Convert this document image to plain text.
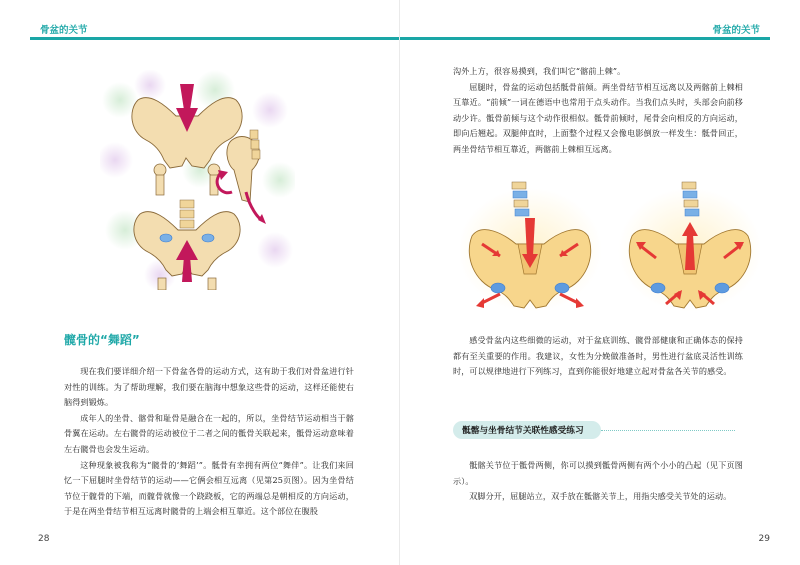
骨盆的关节
髋骨的“舞蹈”

现在我们要详细介绍一下骨盆各骨的运动方式，这有助于我们对骨盆进行针对性的训练。为了帮助理解，我们要在脑海中想象这些骨的运动，这样还能使右脑得到锻炼。

成年人的坐骨、髂骨和耻骨是融合在一起的，所以，坐骨结节运动相当于髂骨翼在运动。左右髋骨的运动被位于二者之间的骶骨关联起来，骶骨运动意味着左右髋骨也会发生运动。

这种现象被我称为“髋骨的‘舞蹈’”。骶骨有幸拥有两位“舞伴”。让我们来回忆一下屈腿时坐骨结节的运动——它俩会相互远离（见第25页图）。因为坐骨结节位于髋骨的下端，而髋骨就像一个跷跷板，它的两端总是朝相反的方向运动，于是在两坐骨结节相互远离时髋骨的上端会相互靠近。这个部位在腹股

28
骨盆的关节

沟外上方，很容易摸到，我们叫它“髂前上棘”。

屈腿时，骨盆的运动包括骶骨前倾。两坐骨结节相互远离以及两髂前上棘相互靠近。“前倾”一词在德语中也常用于点头动作。当我们点头时，头部会向前移动少许。骶骨前倾与这个动作很相似。骶骨前倾时，尾骨会向相反的方向运动，即向后翘起。双腿伸直时，上面整个过程又会像电影倒放一样发生：骶骨回正，两坐骨结节相互靠近，两髂前上棘相互远离。

感受骨盆内这些细微的运动，对于盆底训练、髋骨部健康和正确体态的保持都有至关重要的作用。我建议，女性为分娩做准备时，男性进行盆底灵活性训练时，可以规律地进行下列练习，直到你能很好地建立起对骨盆各关节的感受。

骶髂与坐骨结节关联性感受练习

骶髂关节位于骶骨两侧，你可以摸到骶骨两侧有两个小小的凸起（见下页图示）。

双脚分开，屈腿站立，双手放在骶髂关节上，用指尖感受关节处的运动。

29
